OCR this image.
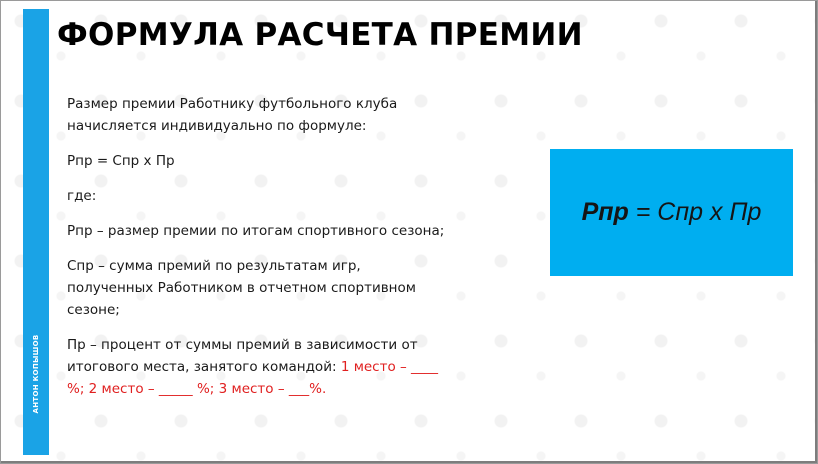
АНТОН КОПЫШОВ
ФОРМУЛА РАСЧЕТА ПРЕМИИ

Размер премии Работнику футбольного клуба
начисляется индивидуально по формуле:

Рпр = Спр х Пр

где:

Рпр – размер премии по итогам спортивного сезона;

Спр – сумма премий по результатам игр,
полученных Работником в отчетном спортивном
сезоне;

Пр – процент от суммы премий в зависимости от
итогового места, занятого командой: 1 место – ____
%; 2 место – _____ %; 3 место – ___%.

Рпр = Спр х Пр
